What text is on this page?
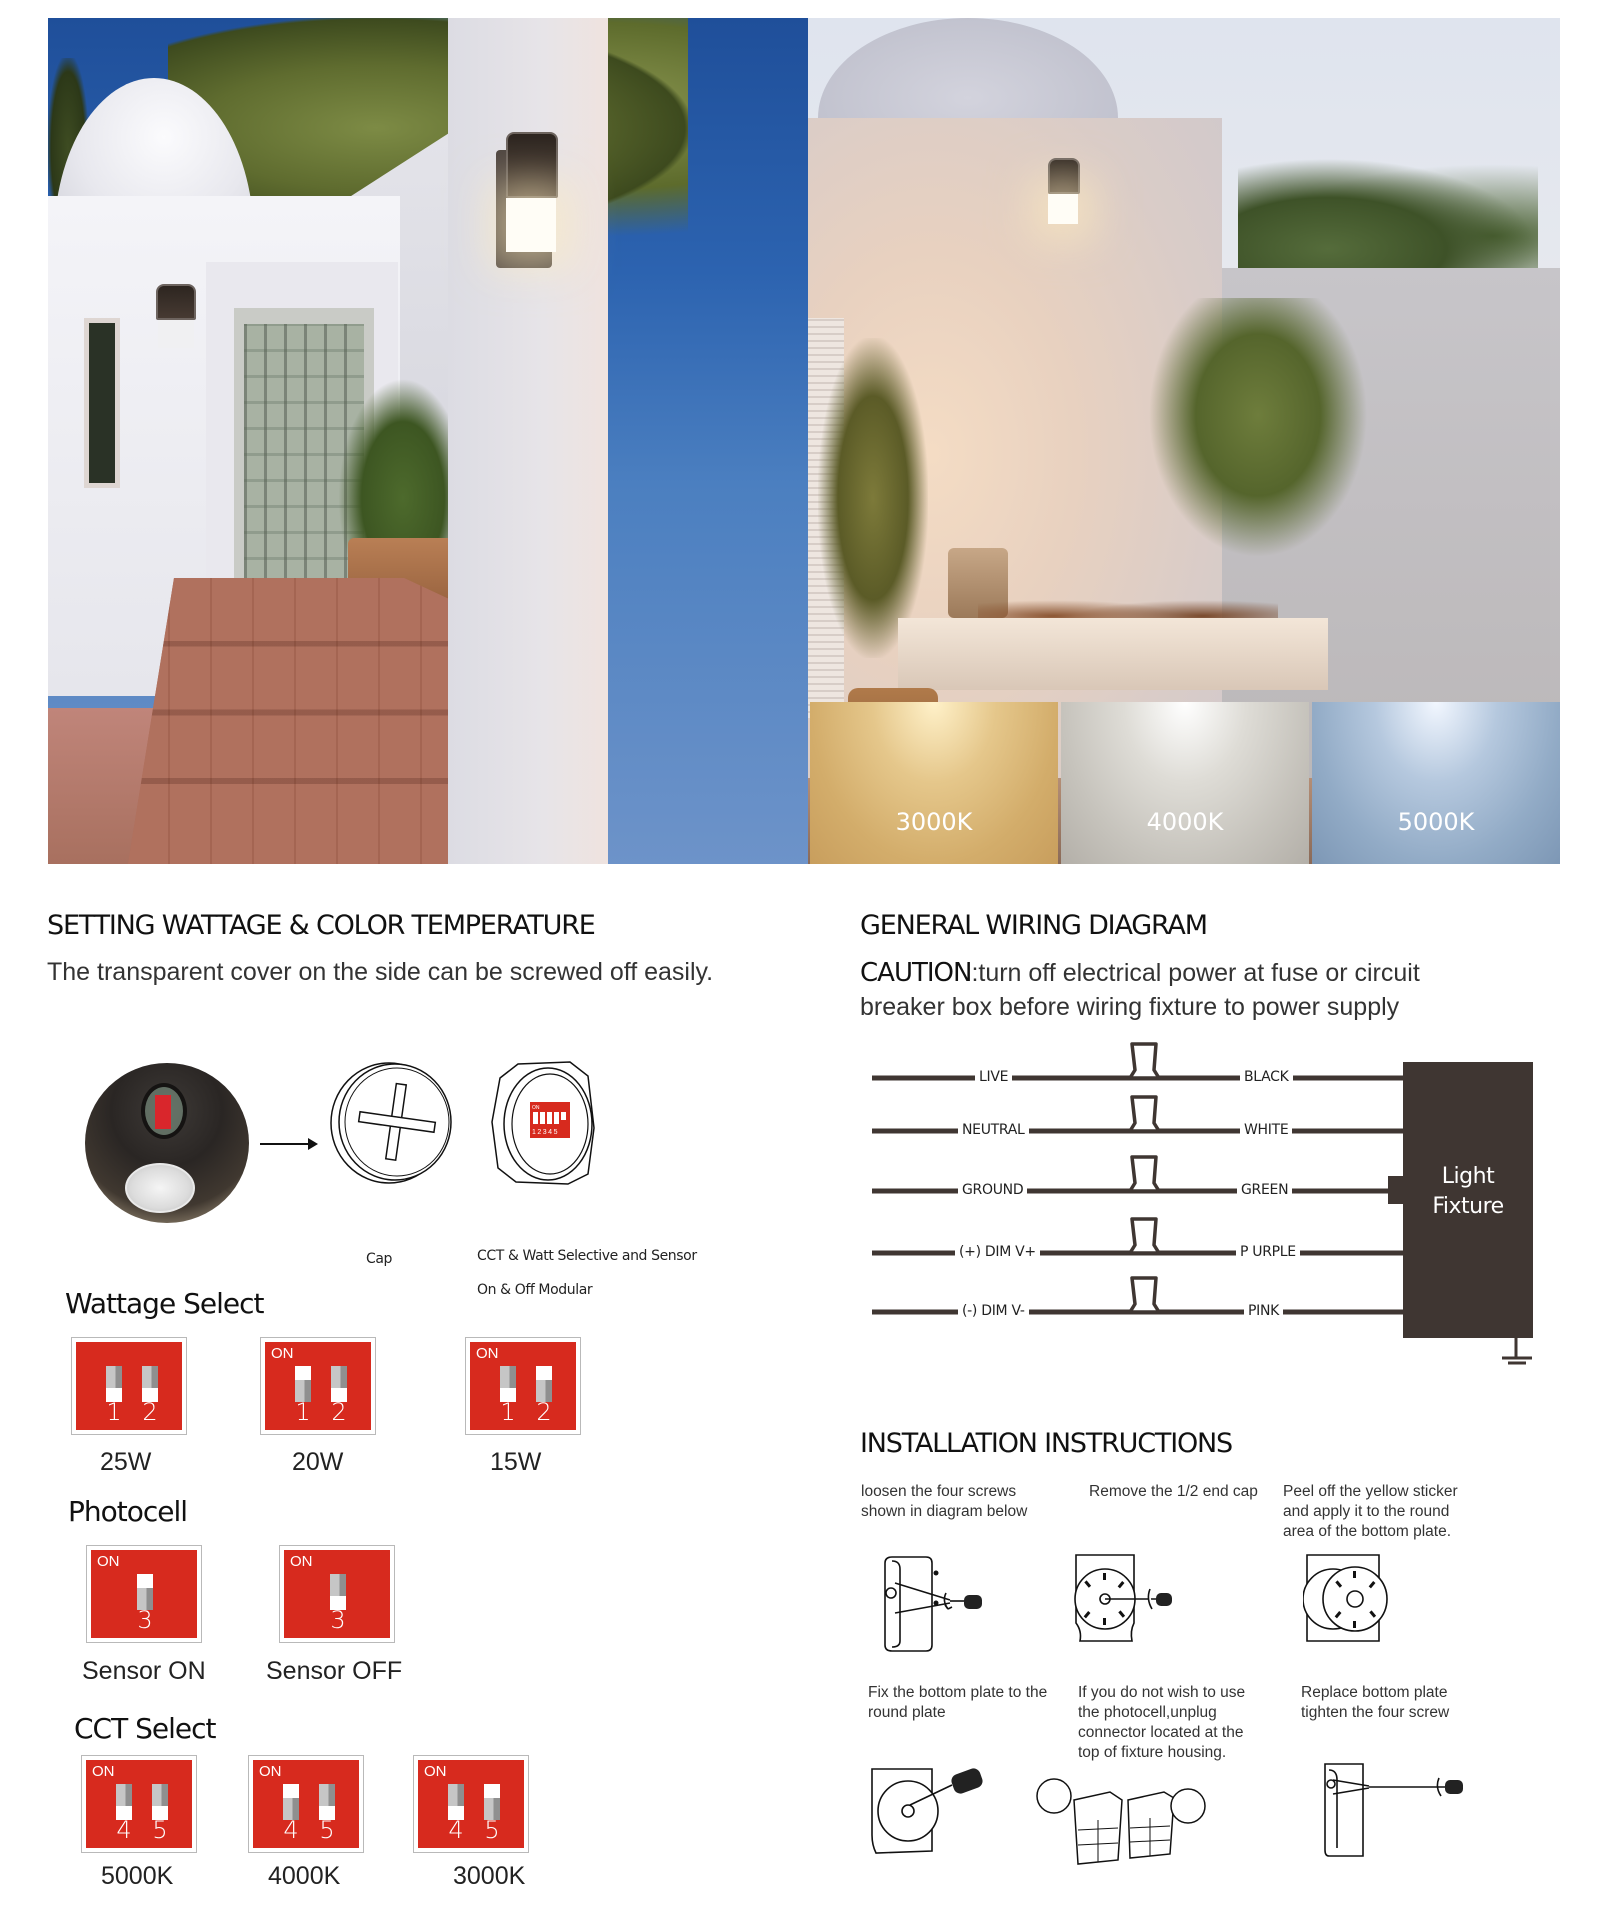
3000K	4000K	5000K
SETTING WATTAGE & COLOR TEMPERATURE
The transparent cover on the side can be screwed off easily.
ON
12345
Cap	CCT & Watt Selective and Sensor
On & Off Modular
Wattage Select
1 2
25W
ON
1 2
20W
ON
1 2
15W
Photocell
ON
3
Sensor ON
ON
3
Sensor OFF
CCT Select
ON
4 5
5000K
ON
4 5
4000K
ON
4 5
3000K
GENERAL WIRING DIAGRAM
CAUTION:turn off electrical power at fuse or circuit
breaker box before wiring fixture to power supply
Light
Fixture
LIVE
NEUTRAL
GROUND
(+) DIM V+
(-) DIM V-
BLACK
WHITE
GREEN
P URPLE
PINK
INSTALLATION INSTRUCTIONS
loosen the four screws shown in diagram below
Remove the 1/2 end cap Peel off the yellow sticker and apply it to the round area of the bottom plate.
Fix the bottom plate to the round plate
If you do not wish to use the photocell,unplug connector located at the top of fixture housing.
Replace bottom plate tighten the four screw
